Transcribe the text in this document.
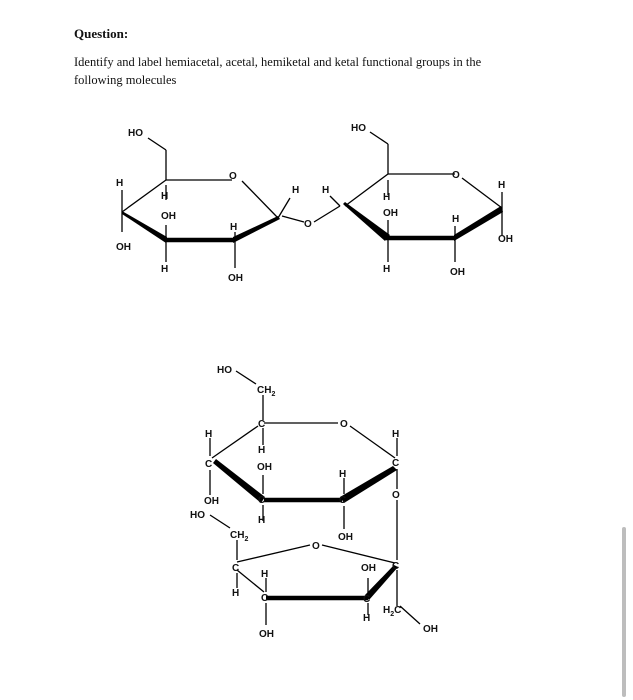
Question:
Identify and label hemiacetal, acetal, hemiketal and ketal functional groups in the
following molecules
HO
H
H
OH
O
H
OH
H
OH
H
O
H
HO
H
OH
O
H
H
OH
H	OH
HO
$CH_2$
C
H
H
C	OH
C
OH
H
O
H
C
OH
H
C
O
HO
$CH_2$
O
C
H
H
C
OH
OH
C
H
C
$H_2C$
OH
